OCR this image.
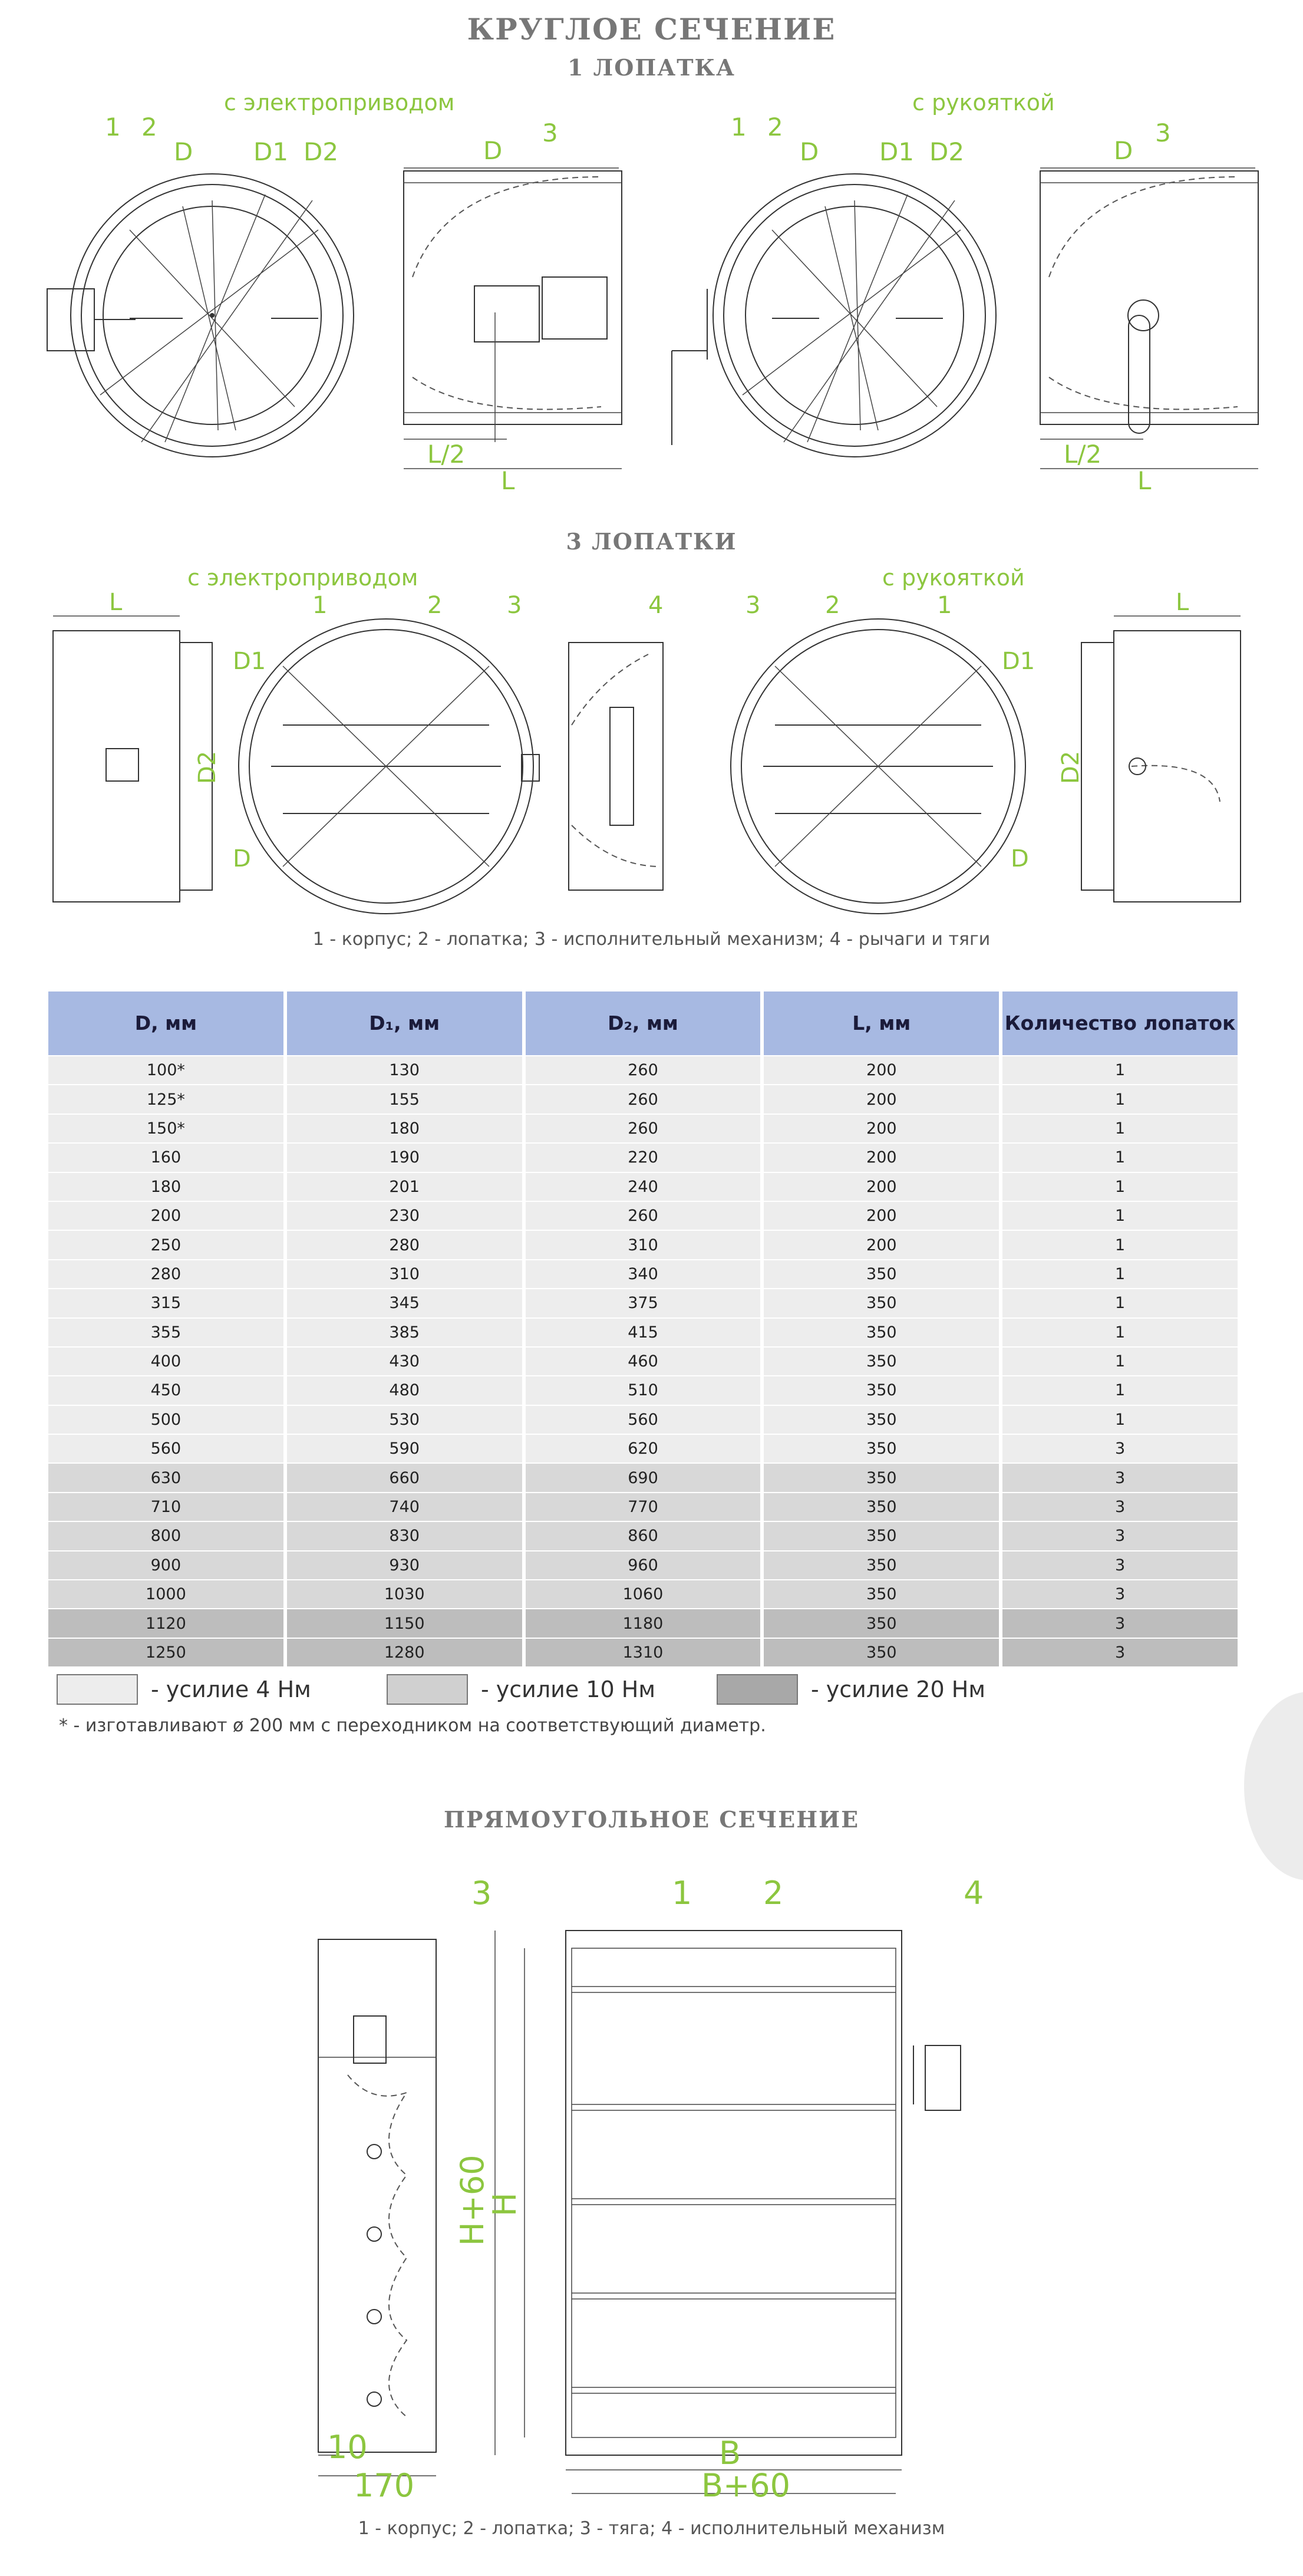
КРУГЛОЕ СЕЧЕНИЕ
1 ЛОПАТКА
с электроприводом	с рукояткой
1 2
D D1 D2	D
3
L/2
L
1 2
D D1 D2	D
3
L/2
L
3 ЛОПАТКИ
с электроприводом	с рукояткой
L
D2
1	2	3
D1
D
4	3	2	1
D1
D
L
D2
1 - корпус; 2 - лопатка; 3 - исполнительный механизм; 4 - рычаги и тяги
D, мм	D₁, мм	D₂, мм	L, мм	Количество лопаток
100*	130	260	200	1
125*	155	260	200	1
150*	180	260	200	1
160	190	220	200	1
180	201	240	200	1
200	230	260	200	1
250	280	310	200	1
280	310	340	350	1
315	345	375	350	1
355	385	415	350	1
400	430	460	350	1
450	480	510	350	1
500	530	560	350	1
560	590	620	350	3
630	660	690	350	3
710	740	770	350	3
800	830	860	350	3
900	930	960	350	3
1000	1030	1060	350	3
1120	1150	1180	350	3
1250	1280	1310	350	3
- усилие 4 Нм	- усилие 10 Нм	- усилие 20 Нм
* - изготавливают ø 200 мм с переходником на соответствующий диаметр.
ПРЯМОУГОЛЬНОЕ СЕЧЕНИЕ
3
10
170
1 2	4
H+60
H
B
B+60
1 - корпус; 2 - лопатка; 3 - тяга; 4 - исполнительный механизм
